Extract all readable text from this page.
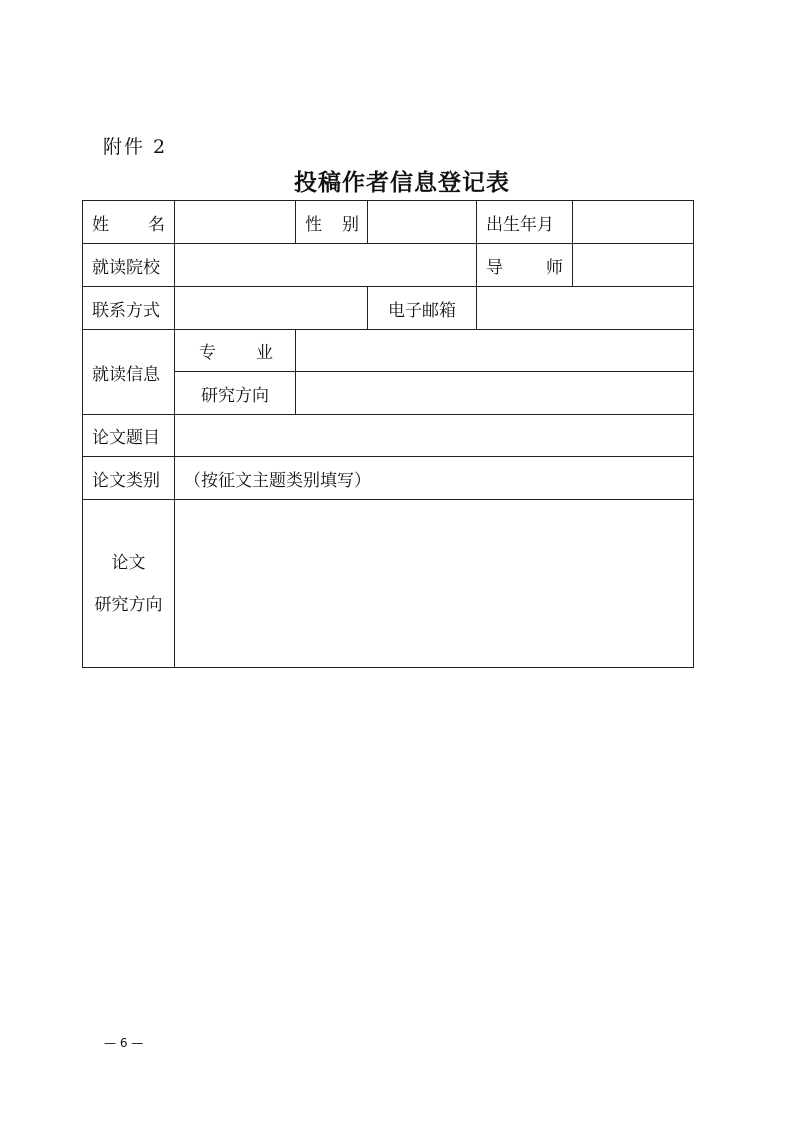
附件 2
投稿作者信息登记表
姓 名		性 别		出生年月	
就读院校				导 师	

联系方式			电子邮箱		
就读信息	专 业				

	研究方向				
论文题目					
论文类别	（按征文主题类别填写）				

论文
研究方向					

— 6 —
